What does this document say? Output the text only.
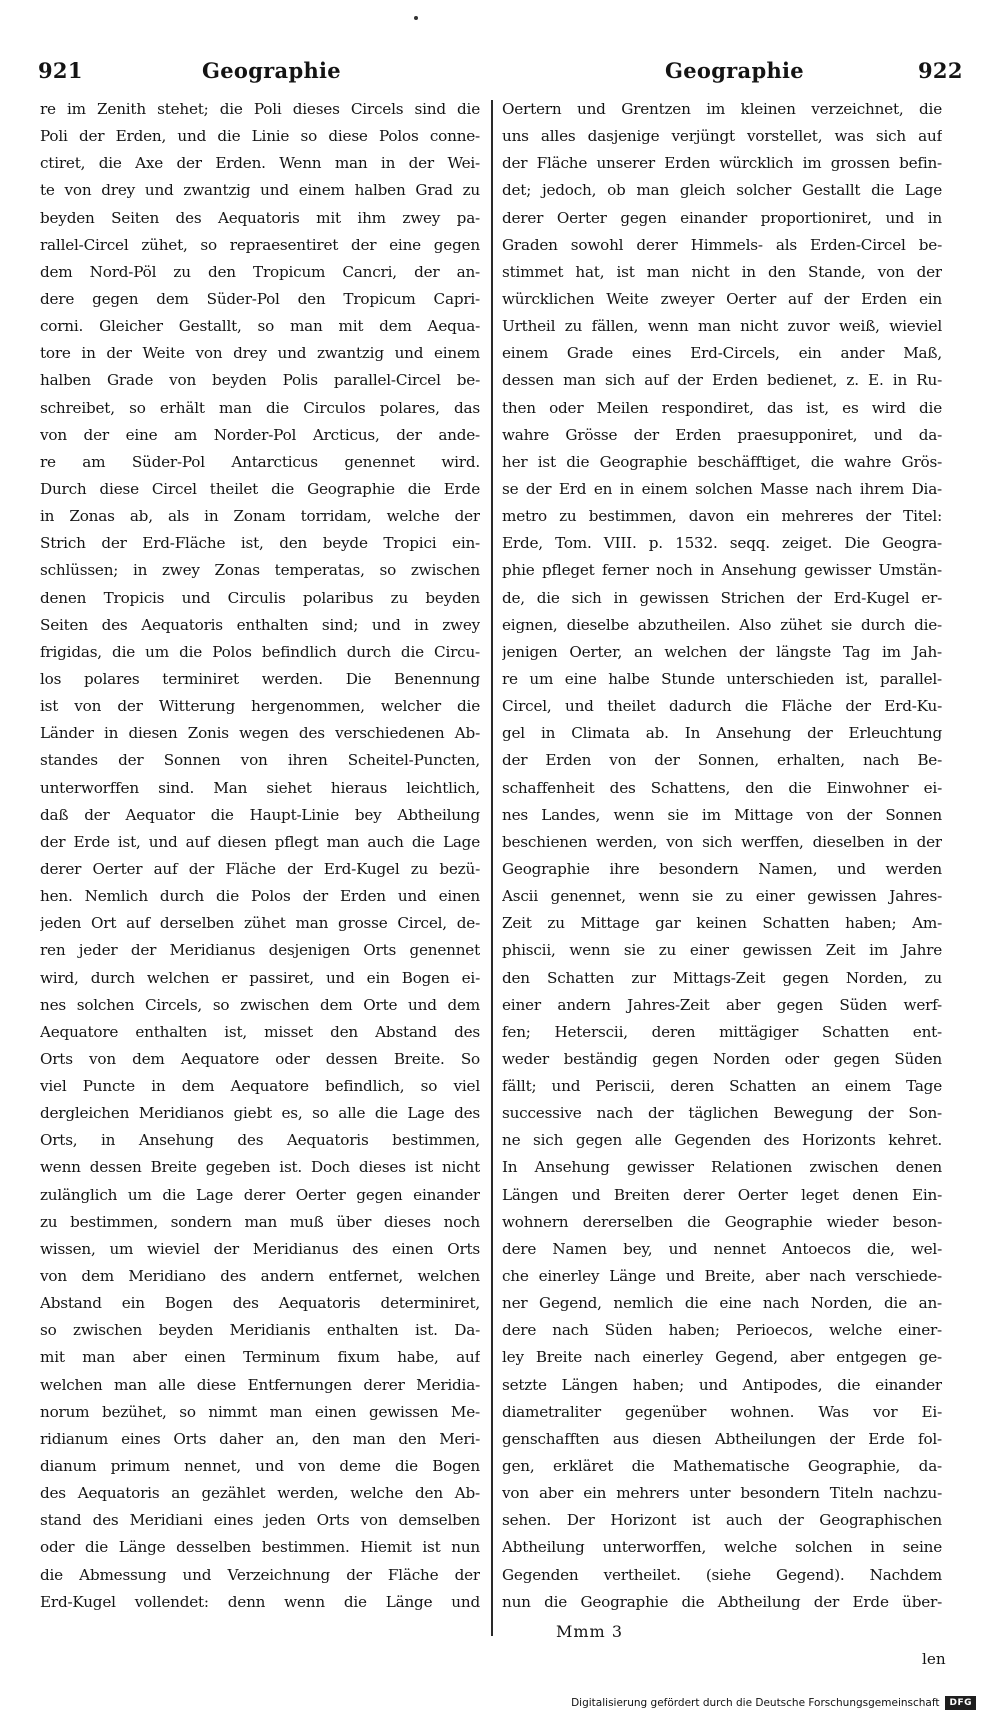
921	Geographie	Geographie	922
re im Zenith stehet; die Poli dieses Circels sind die
Poli der Erden, und die Linie so diese Polos conne-
ctiret, die Axe der Erden. Wenn man in der Wei-
te von drey und zwantzig und einem halben Grad zu
beyden Seiten des Aequatoris mit ihm zwey pa-
rallel-Circel zühet, so repraesentiret der eine gegen
dem Nord-Pöl zu den Tropicum Cancri, der an-
dere gegen dem Süder-Pol den Tropicum Capri-
corni. Gleicher Gestallt, so man mit dem Aequa-
tore in der Weite von drey und zwantzig und einem
halben Grade von beyden Polis parallel-Circel be-
schreibet, so erhält man die Circulos polares, das
von der eine am Norder-Pol Arcticus, der ande-
re am Süder-Pol Antarcticus genennet wird.
Durch diese Circel theilet die Geographie die Erde
in Zonas ab, als in Zonam torridam, welche der
Strich der Erd-Fläche ist, den beyde Tropici ein-
schlüssen; in zwey Zonas temperatas, so zwischen
denen Tropicis und Circulis polaribus zu beyden
Seiten des Aequatoris enthalten sind; und in zwey
frigidas, die um die Polos befindlich durch die Circu-
los polares terminiret werden. Die Benennung
ist von der Witterung hergenommen, welcher die
Länder in diesen Zonis wegen des verschiedenen Ab-
standes der Sonnen von ihren Scheitel-Puncten,
unterworffen sind. Man siehet hieraus leichtlich,
daß der Aequator die Haupt-Linie bey Abtheilung
der Erde ist, und auf diesen pflegt man auch die Lage
derer Oerter auf der Fläche der Erd-Kugel zu bezü-
hen. Nemlich durch die Polos der Erden und einen
jeden Ort auf derselben zühet man grosse Circel, de-
ren jeder der Meridianus desjenigen Orts genennet
wird, durch welchen er passiret, und ein Bogen ei-
nes solchen Circels, so zwischen dem Orte und dem
Aequatore enthalten ist, misset den Abstand des
Orts von dem Aequatore oder dessen Breite. So
viel Puncte in dem Aequatore befindlich, so viel
dergleichen Meridianos giebt es, so alle die Lage des
Orts, in Ansehung des Aequatoris bestimmen,
wenn dessen Breite gegeben ist. Doch dieses ist nicht
zulänglich um die Lage derer Oerter gegen einander
zu bestimmen, sondern man muß über dieses noch
wissen, um wieviel der Meridianus des einen Orts
von dem Meridiano des andern entfernet, welchen
Abstand ein Bogen des Aequatoris determiniret,
so zwischen beyden Meridianis enthalten ist. Da-
mit man aber einen Terminum fixum habe, auf
welchen man alle diese Entfernungen derer Meridia-
norum bezühet, so nimmt man einen gewissen Me-
ridianum eines Orts daher an, den man den Meri-
dianum primum nennet, und von deme die Bogen
des Aequatoris an gezählet werden, welche den Ab-
stand des Meridiani eines jeden Orts von demselben
oder die Länge desselben bestimmen. Hiemit ist nun
die Abmessung und Verzeichnung der Fläche der
Erd-Kugel vollendet: denn wenn die Länge und
Oertern und Grentzen im kleinen verzeichnet, die
uns alles dasjenige verjüngt vorstellet, was sich auf
der Fläche unserer Erden würcklich im grossen befin-
det; jedoch, ob man gleich solcher Gestallt die Lage
derer Oerter gegen einander proportioniret, und in
Graden sowohl derer Himmels- als Erden-Circel be-
stimmet hat, ist man nicht in den Stande, von der
würcklichen Weite zweyer Oerter auf der Erden ein
Urtheil zu fällen, wenn man nicht zuvor weiß, wieviel
einem Grade eines Erd-Circels, ein ander Maß,
dessen man sich auf der Erden bedienet, z. E. in Ru-
then oder Meilen respondiret, das ist, es wird die
wahre Grösse der Erden praesupponiret, und da-
her ist die Geographie beschäfftiget, die wahre Grös-
se der Erd en in einem solchen Masse nach ihrem Dia-
metro zu bestimmen, davon ein mehreres der Titel:
Erde, Tom. VIII. p. 1532. seqq. zeiget. Die Geogra-
phie pfleget ferner noch in Ansehung gewisser Umstän-
de, die sich in gewissen Strichen der Erd-Kugel er-
eignen, dieselbe abzutheilen. Also zühet sie durch die-
jenigen Oerter, an welchen der längste Tag im Jah-
re um eine halbe Stunde unterschieden ist, parallel-
Circel, und theilet dadurch die Fläche der Erd-Ku-
gel in Climata ab. In Ansehung der Erleuchtung
der Erden von der Sonnen, erhalten, nach Be-
schaffenheit des Schattens, den die Einwohner ei-
nes Landes, wenn sie im Mittage von der Sonnen
beschienen werden, von sich werffen, dieselben in der
Geographie ihre besondern Namen, und werden
Ascii genennet, wenn sie zu einer gewissen Jahres-
Zeit zu Mittage gar keinen Schatten haben; Am-
phiscii, wenn sie zu einer gewissen Zeit im Jahre
den Schatten zur Mittags-Zeit gegen Norden, zu
einer andern Jahres-Zeit aber gegen Süden werf-
fen; Heterscii, deren mittägiger Schatten ent-
weder beständig gegen Norden oder gegen Süden
fällt; und Periscii, deren Schatten an einem Tage
successive nach der täglichen Bewegung der Son-
ne sich gegen alle Gegenden des Horizonts kehret.
In Ansehung gewisser Relationen zwischen denen
Längen und Breiten derer Oerter leget denen Ein-
wohnern dererselben die Geographie wieder beson-
dere Namen bey, und nennet Antoecos die, wel-
che einerley Länge und Breite, aber nach verschiede-
ner Gegend, nemlich die eine nach Norden, die an-
dere nach Süden haben; Perioecos, welche einer-
ley Breite nach einerley Gegend, aber entgegen ge-
setzte Längen haben; und Antipodes, die einander
diametraliter gegenüber wohnen. Was vor Ei-
genschafften aus diesen Abtheilungen der Erde fol-
gen, erkläret die Mathematische Geographie, da-
von aber ein mehrers unter besondern Titeln nachzu-
sehen. Der Horizont ist auch der Geographischen
Abtheilung unterworffen, welche solchen in seine
Gegenden vertheilet. (siehe Gegend). Nachdem
nun die Geographie die Abtheilung der Erde über-
Mmm 3
len
Digitalisierung gefördert durch die Deutsche Forschungsgemeinschaft	DFG
